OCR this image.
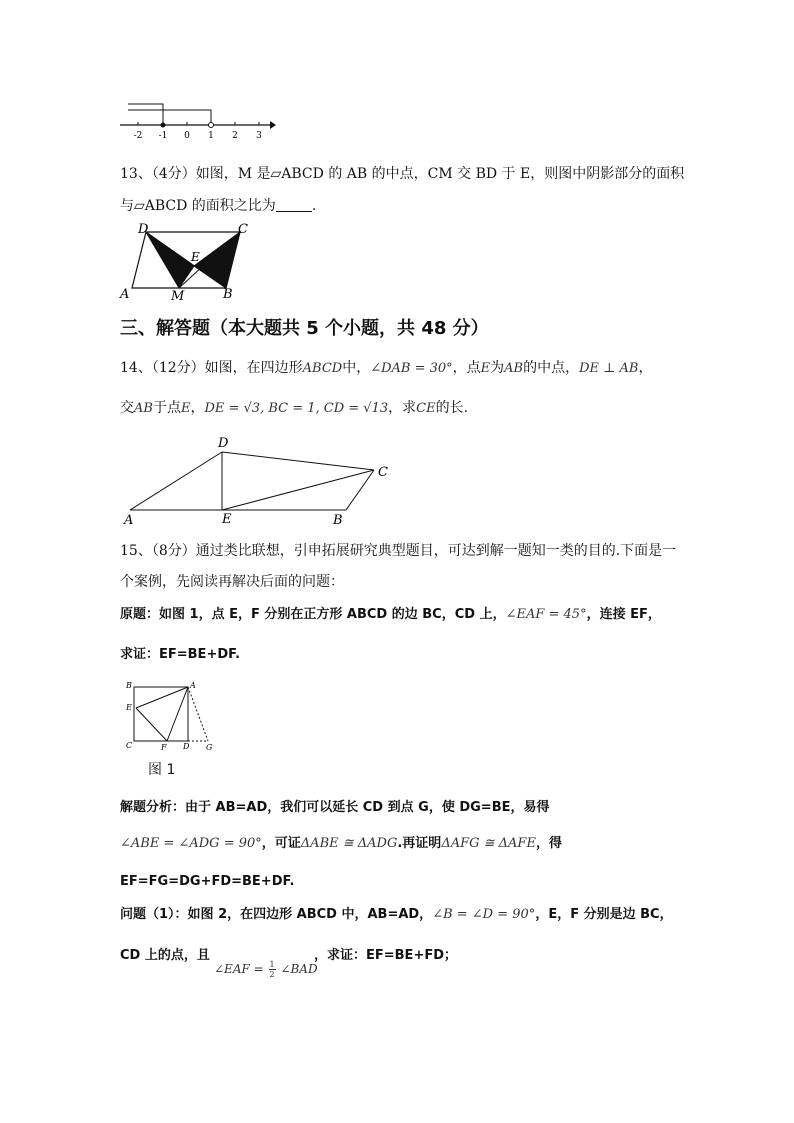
-2 -1 0 1 2 3
13、（4分）如图，M 是▱ABCD 的 AB 的中点，CM 交 BD 于 E，则图中阴影部分的面积
与▱ABCD 的面积之比为	.
D	C
E
A	M	B
三、解答题（本大题共 5 个小题，共 48 分）
14、（12分）如图，在四边形ABCD中，∠DAB = 30°，点E为AB的中点，DE ⊥ AB，
交AB于点E，DE = √3, BC = 1, CD = √13，求CE的长.
D
C
A	E	B
15、（8分）通过类比联想，引申拓展研究典型题目，可达到解一题知一类的目的.下面是一
个案例，先阅读再解决后面的问题：
原题：如图 1，点 E，F 分别在正方形 ABCD 的边 BC，CD 上，∠EAF = 45°，连接 EF，
求证：EF=BE+DF.
B	A
E
C	F D G
图 1
解题分析：由于 AB=AD，我们可以延长 CD 到点 G，使 DG=BE，易得
∠ABE = ∠ADG = 90°，可证ΔABE ≅ ΔADG.再证明ΔAFG ≅ ΔAFE，得
EF=FG=DG+FD=BE+DF.
问题（1）：如图 2，在四边形 ABCD 中，AB=AD，∠B = ∠D = 90°，E，F 分别是边 BC，
CD 上的点，且	，求证：EF=BE+FD；
∠EAF = $\frac{1}{2}$ ∠BAD
